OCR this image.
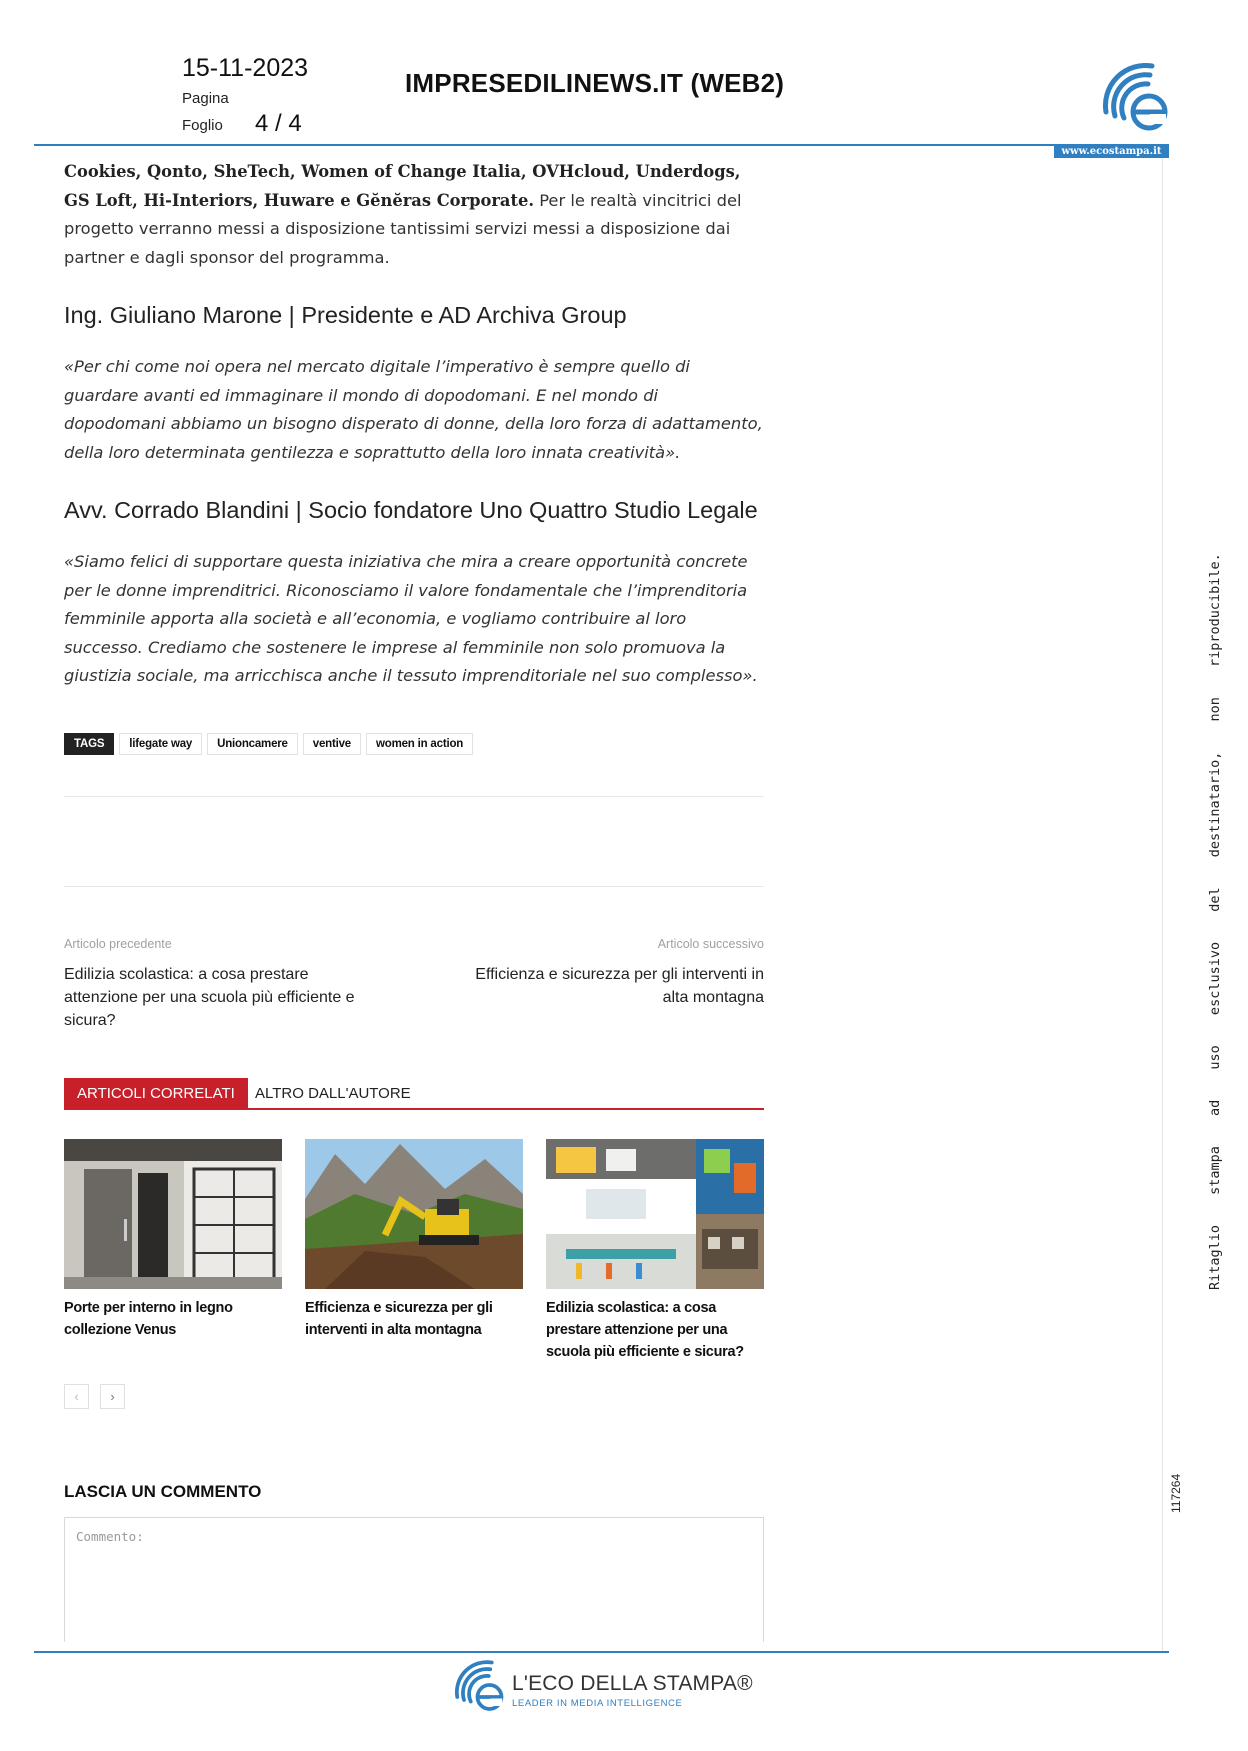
15-11-2023
Pagina
Foglio 4 / 4
IMPRESEDILINEWS.IT (WEB2)
www.ecostampa.it
Ritaglio stampa ad uso esclusivo del destinatario, non riproducibile.
117264

Cookies, Qonto, SheTech, Women of Change Italia, OVHcloud, Underdogs, GS Loft, Hi-Interiors, Huware e Gĕnĕras Corporate. Per le realtà vincitrici del progetto verranno messi a disposizione tantissimi servizi messi a disposizione dai partner e dagli sponsor del programma.

Ing. Giuliano Marone | Presidente e AD Archiva Group

«Per chi come noi opera nel mercato digitale l’imperativo è sempre quello di guardare avanti ed immaginare il mondo di dopodomani. E nel mondo di dopodomani abbiamo un bisogno disperato di donne, della loro forza di adattamento, della loro determinata gentilezza e soprattutto della loro innata creatività».

Avv. Corrado Blandini | Socio fondatore Uno Quattro Studio Legale

«Siamo felici di supportare questa iniziativa che mira a creare opportunità concrete per le donne imprenditrici. Riconosciamo il valore fondamentale che l’imprenditoria femminile apporta alla società e all’economia, e vogliamo contribuire al loro successo. Crediamo che sostenere le imprese al femminile non solo promuova la giustizia sociale, ma arricchisca anche il tessuto imprenditoriale nel suo complesso».

TAGS	lifegate way	Unioncamere	ventive	women in action
Articolo precedente
Edilizia scolastica: a cosa prestare attenzione per una scuola più efficiente e sicura?
Articolo successivo
Efficienza e sicurezza per gli interventi in alta montagna
ARTICOLI CORRELATI	ALTRO DALL'AUTORE
Porte per interno in legno collezione Venus
Efficienza e sicurezza per gli interventi in alta montagna
Edilizia scolastica: a cosa prestare attenzione per una scuola più efficiente e sicura?
‹	›
LASCIA UN COMMENTO
Commento:
L'ECO DELLA STAMPA®
LEADER IN MEDIA INTELLIGENCE
